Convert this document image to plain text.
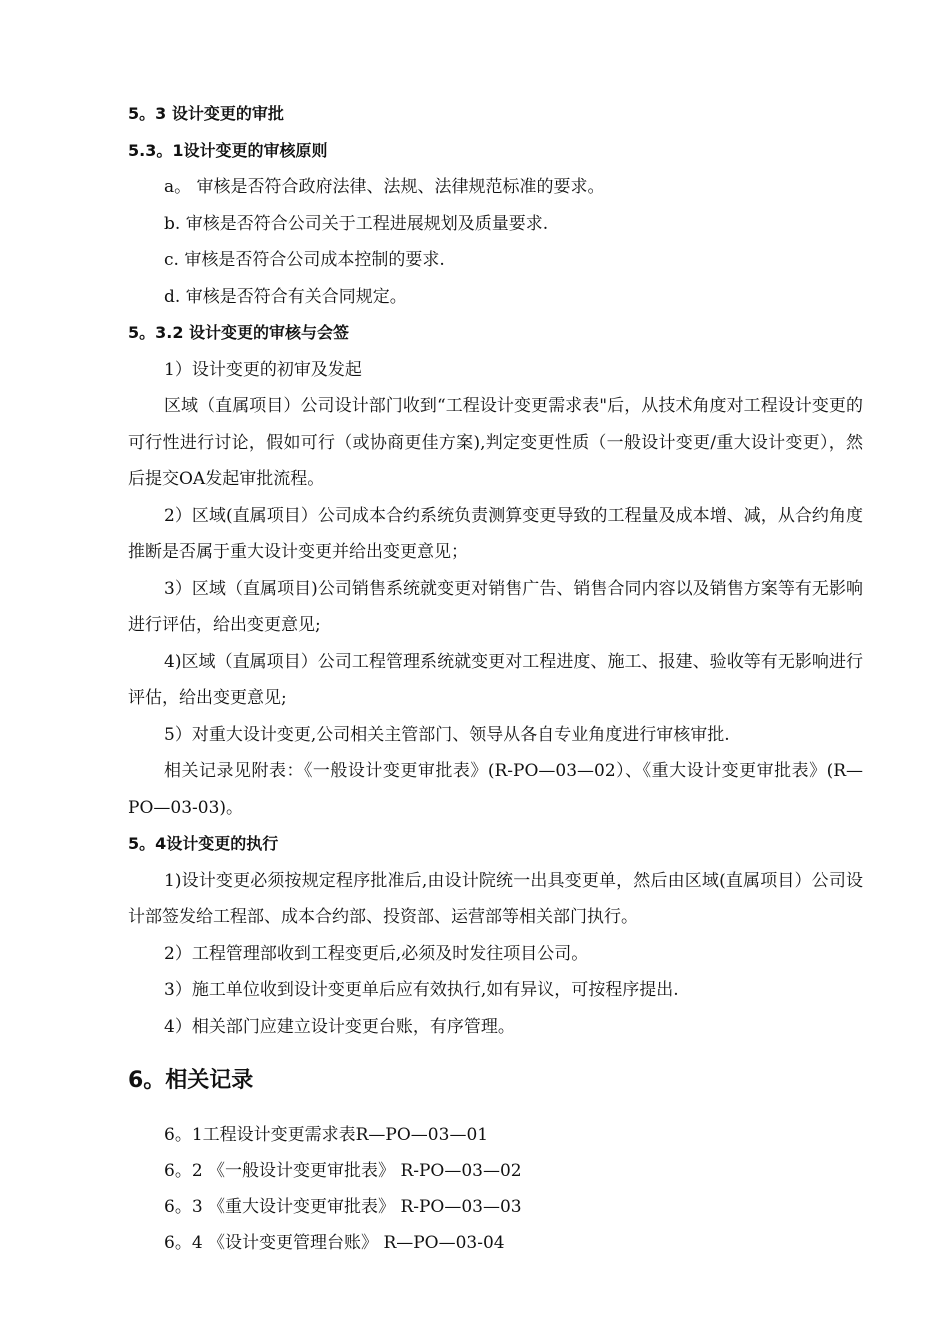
5。3 设计变更的审批
5.3。1设计变更的审核原则
a。 审核是否符合政府法律、法规、法律规范标准的要求。
b. 审核是否符合公司关于工程进展规划及质量要求.
c. 审核是否符合公司成本控制的要求.
d. 审核是否符合有关合同规定。
5。3.2 设计变更的审核与会签
1）设计变更的初审及发起
区域（直属项目）公司设计部门收到“工程设计变更需求表"后，从技术角度对工程设计变更的可行性进行讨论，假如可行（或协商更佳方案),判定变更性质（一般设计变更/重大设计变更），然后提交OA发起审批流程。
2）区域(直属项目）公司成本合约系统负责测算变更导致的工程量及成本增、减，从合约角度推断是否属于重大设计变更并给出变更意见；
3）区域（直属项目)公司销售系统就变更对销售广告、销售合同内容以及销售方案等有无影响进行评估，给出变更意见;
4)区域（直属项目）公司工程管理系统就变更对工程进度、施工、报建、验收等有无影响进行评估，给出变更意见;
5）对重大设计变更,公司相关主管部门、领导从各自专业角度进行审核审批.
相关记录见附表：《一般设计变更审批表》(R-PO—03—02）、《重大设计变更审批表》(R—PO—03-03)。
5。4设计变更的执行
1)设计变更必须按规定程序批准后,由设计院统一出具变更单，然后由区域(直属项目）公司设计部签发给工程部、成本合约部、投资部、运营部等相关部门执行。
2）工程管理部收到工程变更后,必须及时发往项目公司。
3）施工单位收到设计变更单后应有效执行,如有异议，可按程序提出.
4）相关部门应建立设计变更台账，有序管理。
6。相关记录
6。1工程设计变更需求表R—PO—03—01
6。2 《一般设计变更审批表》 R-PO—03—02
6。3 《重大设计变更审批表》 R-PO—03—03
6。4 《设计变更管理台账》 R—PO—03-04
